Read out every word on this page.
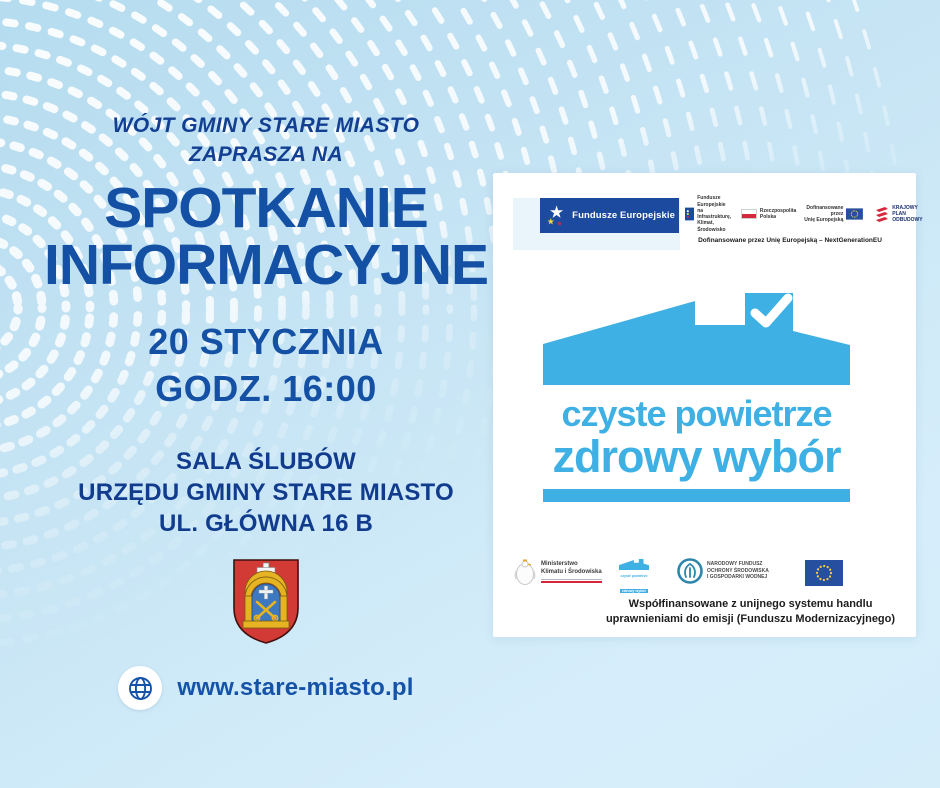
WÓJT GMINY STARE MIASTO
ZAPRASZA NA
SPOTKANIE
INFORMACYJNE
20 STYCZNIA
GODZ. 16:00
SALA ŚLUBÓW
URZĘDU GMINY STARE MIASTO
UL. GŁÓWNA 16 B
www.stare-miasto.pl
Fundusze Europejskie
Fundusze Europejskie
na Infrastrukturę,
Klimat, Środowisko
Rzeczpospolita
Polska
Dofinansowane przez
Unię Europejską
KRAJOWY
PLAN
ODBUDOWY
Dofinansowane przez Unię Europejską – NextGenerationEU
czyste powietrze
zdrowy wybór
Ministerstwo
Klimatu i Środowiska
czyste powietrze
zdrowy wybór
NARODOWY FUNDUSZ
OCHRONY ŚRODOWISKA
I GOSPODARKI WODNEJ
Współfinansowane z unijnego systemu handlu
uprawnieniami do emisji (Funduszu Modernizacyjnego)
